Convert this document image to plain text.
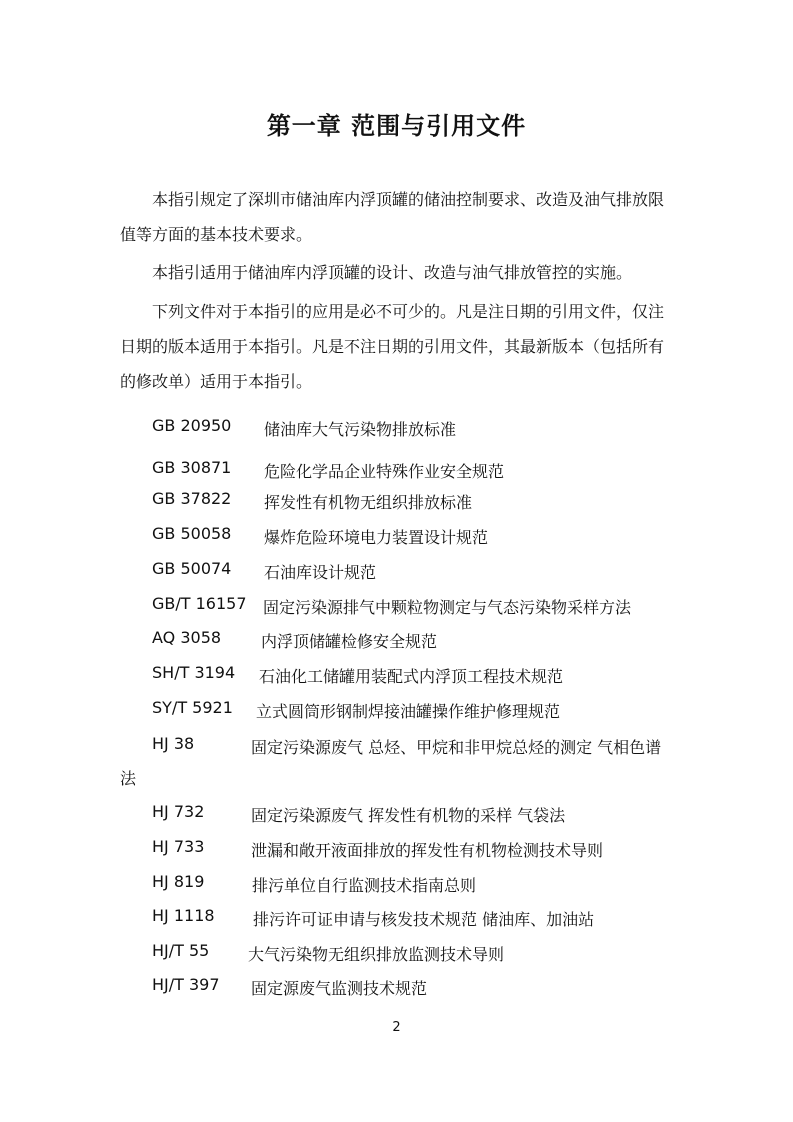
第一章 范围与引用文件

本指引规定了深圳市储油库内浮顶罐的储油控制要求、改造及油气排放限值等方面的基本技术要求。

本指引适用于储油库内浮顶罐的设计、改造与油气排放管控的实施。

下列文件对于本指引的应用是必不可少的。凡是注日期的引用文件，仅注日期的版本适用于本指引。凡是不注日期的引用文件，其最新版本（包括所有的修改单）适用于本指引。

GB 20950 储油库大气污染物排放标准
GB 30871 危险化学品企业特殊作业安全规范
GB 37822 挥发性有机物无组织排放标准
GB 50058 爆炸危险环境电力装置设计规范
GB 50074 石油库设计规范
GB/T 16157 固定污染源排气中颗粒物测定与气态污染物采样方法
AQ 3058 内浮顶储罐检修安全规范
SH/T 3194 石油化工储罐用装配式内浮顶工程技术规范
SY/T 5921 立式圆筒形钢制焊接油罐操作维护修理规范
HJ 38	固定污染源废气 总烃、甲烷和非甲烷总烃的测定 气相色谱
法
HJ 732	固定污染源废气 挥发性有机物的采样 气袋法
HJ 733	泄漏和敞开液面排放的挥发性有机物检测技术导则
HJ 819	排污单位自行监测技术指南总则
HJ 1118 排污许可证申请与核发技术规范 储油库、加油站
HJ/T 55 大气污染物无组织排放监测技术导则
HJ/T 397 固定源废气监测技术规范
2
